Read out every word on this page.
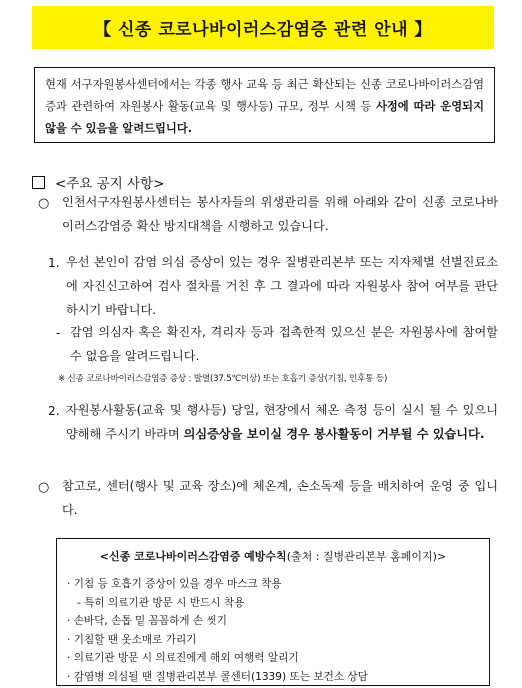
【 신종 코로나바이러스감염증 관련 안내 】
현재 서구자원봉사센터에서는 각종 행사 교육 등 최근 확산되는 신종 코로나바이러스감염증과 관련하여 자원봉사 활동(교육 및 행사등) 규모, 정부 시책 등 사정에 따라 운영되지 않을 수 있음을 알려드립니다.
<주요 공지 사항>
○ 인천서구자원봉사센터는 봉사자들의 위생관리를 위해 아래와 같이 신종 코로나바이러스감염증 확산 방지대책을 시행하고 있습니다.
1. 우선 본인이 감염 의심 증상이 있는 경우 질병관리본부 또는 지자체별 선별진료소에 자진신고하여 검사 절차를 거친 후 그 결과에 따라 자원봉사 참여 여부를 판단하시기 바랍니다.
- 감염 의심자 혹은 확진자, 격리자 등과 접촉한적 있으신 분은 자원봉사에 참여할 수 없음을 알려드립니다.
※ 신종 코로나바이러스감염증 증상 : 발열(37.5℃이상) 또는 호흡기 증상(기침, 인후통 등)
2. 자원봉사활동(교육 및 행사등) 당일, 현장에서 체온 측정 등이 실시 될 수 있으니 양해해 주시기 바라며 의심증상을 보이실 경우 봉사활동이 거부될 수 있습니다.
○ 참고로, 센터(행사 및 교육 장소)에 체온계, 손소독제 등을 배치하여 운영 중 입니다.
<신종 코로나바이러스감염증 예방수칙(출처 : 질병관리본부 홈페이지)>
· 기침 등 호흡기 증상이 있을 경우 마스크 착용
- 특히 의료기관 방문 시 반드시 착용
· 손바닥, 손톱 밑 꼼꼼하게 손 씻기
· 기침할 땐 옷소매로 가리기
· 의료기관 방문 시 의료진에게 해외 여행력 알리기
· 감염병 의심될 땐 질병관리본부 콜센터(1339) 또는 보건소 상담
